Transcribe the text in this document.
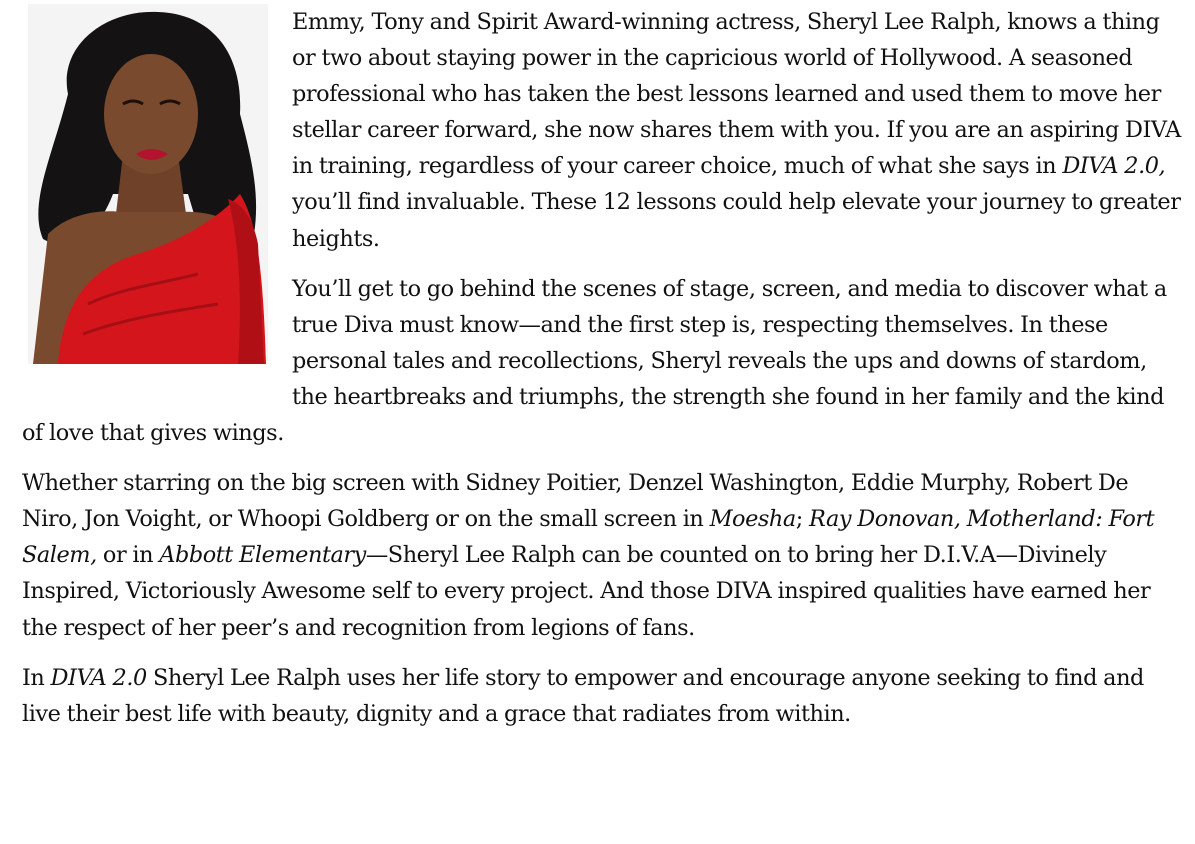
Emmy, Tony and Spirit Award-winning actress, Sheryl Lee Ralph, knows a thing or two about staying power in the capricious world of Hollywood. A seasoned professional who has taken the best lessons learned and used them to move her stellar career forward, she now shares them with you. If you are an aspiring DIVA in training, regardless of your career choice, much of what she says in DIVA 2.0, you’ll find invaluable. These 12 lessons could help elevate your journey to greater heights.

You’ll get to go behind the scenes of stage, screen, and media to discover what a true Diva must know—and the first step is, respecting themselves. In these personal tales and recollections, Sheryl reveals the ups and downs of stardom, the heartbreaks and triumphs, the strength she found in her family and the kind of love that gives wings.

Whether starring on the big screen with Sidney Poitier, Denzel Washington, Eddie Murphy, Robert De Niro, Jon Voight, or Whoopi Goldberg or on the small screen in Moesha; Ray Donovan, Motherland: Fort Salem, or in Abbott Elementary—Sheryl Lee Ralph can be counted on to bring her D.I.V.A—Divinely Inspired, Victoriously Awesome self to every project. And those DIVA inspired qualities have earned her the respect of her peer’s and recognition from legions of fans.

In DIVA 2.0 Sheryl Lee Ralph uses her life story to empower and encourage anyone seeking to find and live their best life with beauty, dignity and a grace that radiates from within.
